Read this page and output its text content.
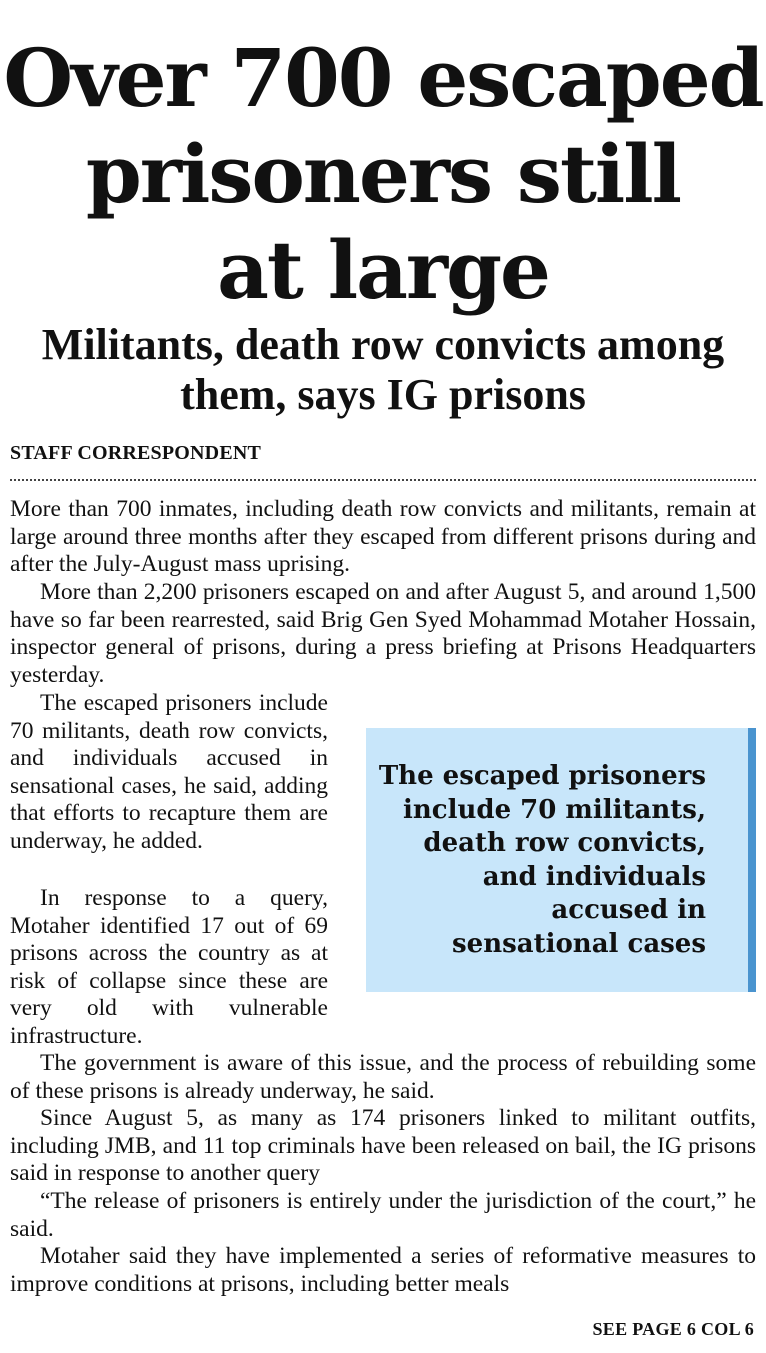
Over 700 escaped
prisoners still
at large
Militants, death row convicts among
them, says IG prisons
STAFF CORRESPONDENT

More than 700 inmates, including death row convicts and militants, remain at large around three months after they escaped from different prisons during and after the July-August mass uprising.

More than 2,200 prisoners escaped on and after August 5, and around 1,500 have so far been rearrested, said Brig Gen Syed Mohammad Motaher Hossain, inspector general of prisons, during a press briefing at Prisons Headquarters yesterday.

The escaped prisoners include 70 militants, death row convicts, and individuals accused in sensational cases, he said, adding that efforts to recapture them are underway, he added.

In response to a query, Motaher identified 17 out of 69 prisons across the country as at risk of collapse since these are very old with vulnerable infrastructure.

The escaped prisoners include 70 militants, death row convicts, and individuals accused in sensational cases

The government is aware of this issue, and the process of rebuilding some of these prisons is already underway, he said.

Since August 5, as many as 174 prisoners linked to militant outfits, including JMB, and 11 top criminals have been released on bail, the IG prisons said in response to another query

“The release of prisoners is entirely under the jurisdiction of the court,” he said.

Motaher said they have implemented a series of reformative measures to improve conditions at prisons, including better meals

SEE PAGE 6 COL 6
